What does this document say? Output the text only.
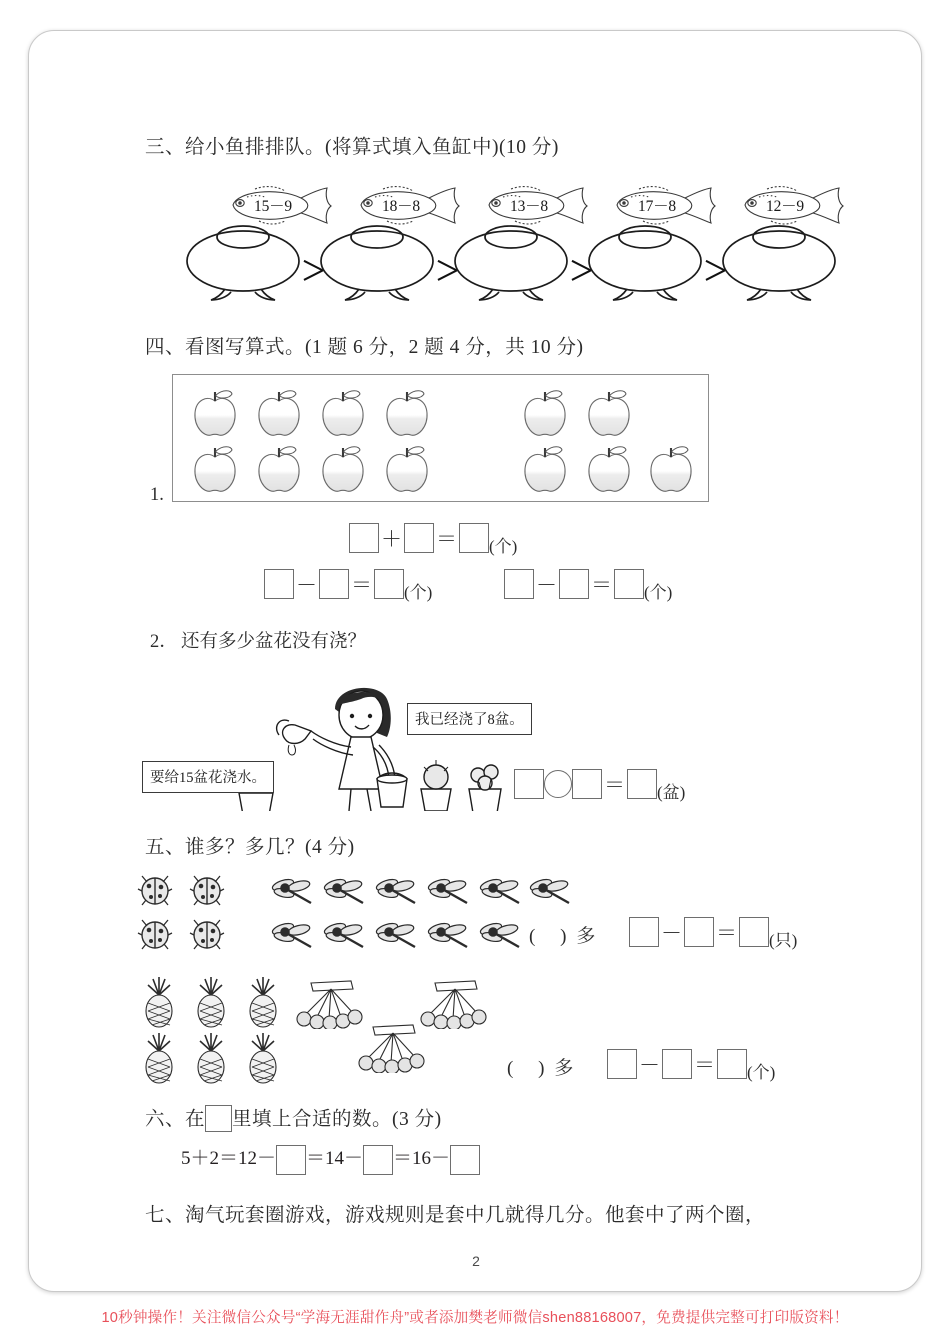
三、给小鱼排排队。(将算式填入鱼缸中)(10 分)
15－9	18－8	13－8	17－8	12－9
＞	＞	＞	＞
四、看图写算式。(1 题 6 分，2 题 4 分，共 10 分)
1.
＋ ＝ (个)
－ ＝ (个)	－ ＝ (个)
2． 还有多少盆花没有浇？
我已经浇了8盆。
要给15盆花浇水。	＝ (盆)
五、谁多？多几？(4 分)
( )多	－ ＝ (只)
( )多	－ ＝ (个)
六、在 里填上合适的数。(3 分)
5＋2＝12－ ＝14－ ＝16－
七、淘气玩套圈游戏，游戏规则是套中几就得几分。他套中了两个圈，
2
10秒钟操作！关注微信公众号“学海无涯甜作舟”或者添加樊老师微信shen88168007，免费提供完整可打印版资料！
